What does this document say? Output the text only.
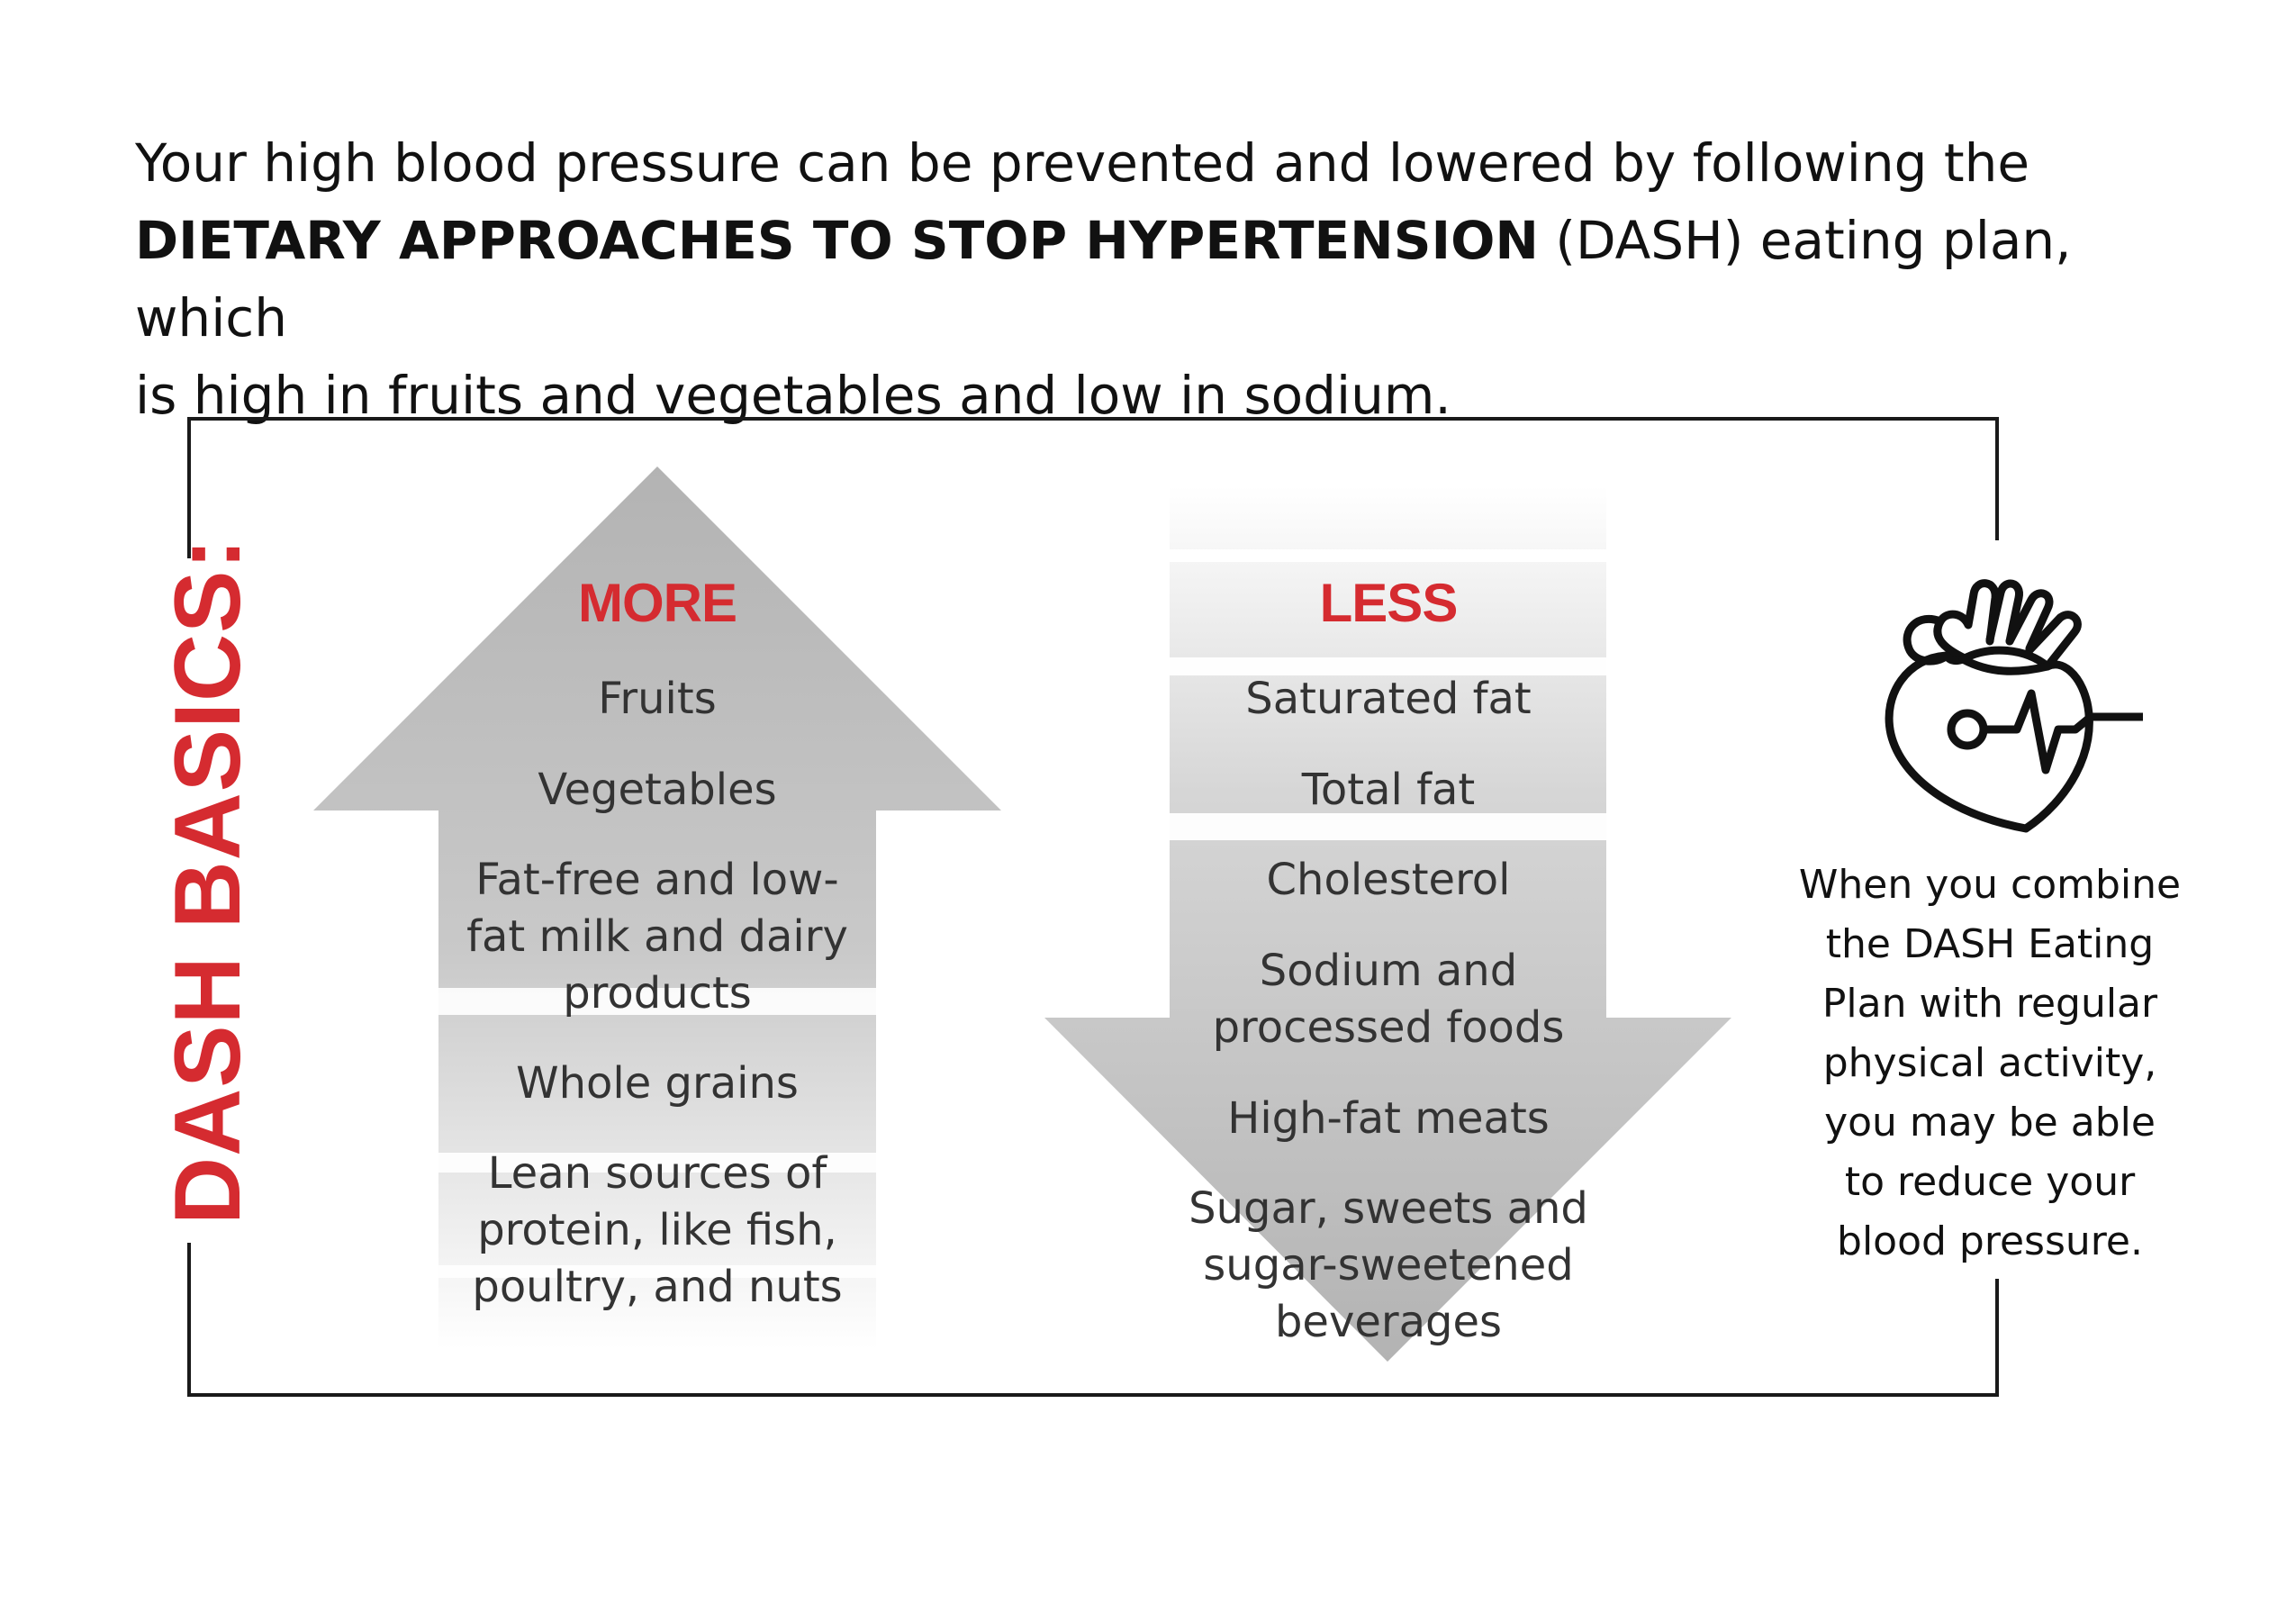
Your high blood pressure can be prevented and lowered by following the
DIETARY APPROACHES TO STOP HYPERTENSION (DASH) eating plan, which
is high in fruits and vegetables and low in sodium.
DASH BASICS:	MORE
Fruits
Vegetables
Fat-free and low-
fat milk and dairy
products
Whole grains
Lean sources of
protein, like fish,
poultry, and nuts
LESS
Saturated fat
Total fat
Cholesterol
Sodium and
processed foods
High-fat meats
Sugar, sweets and
sugar-sweetened
beverages
When you combine
the DASH Eating
Plan with regular
physical activity,
you may be able
to reduce your
blood pressure.
